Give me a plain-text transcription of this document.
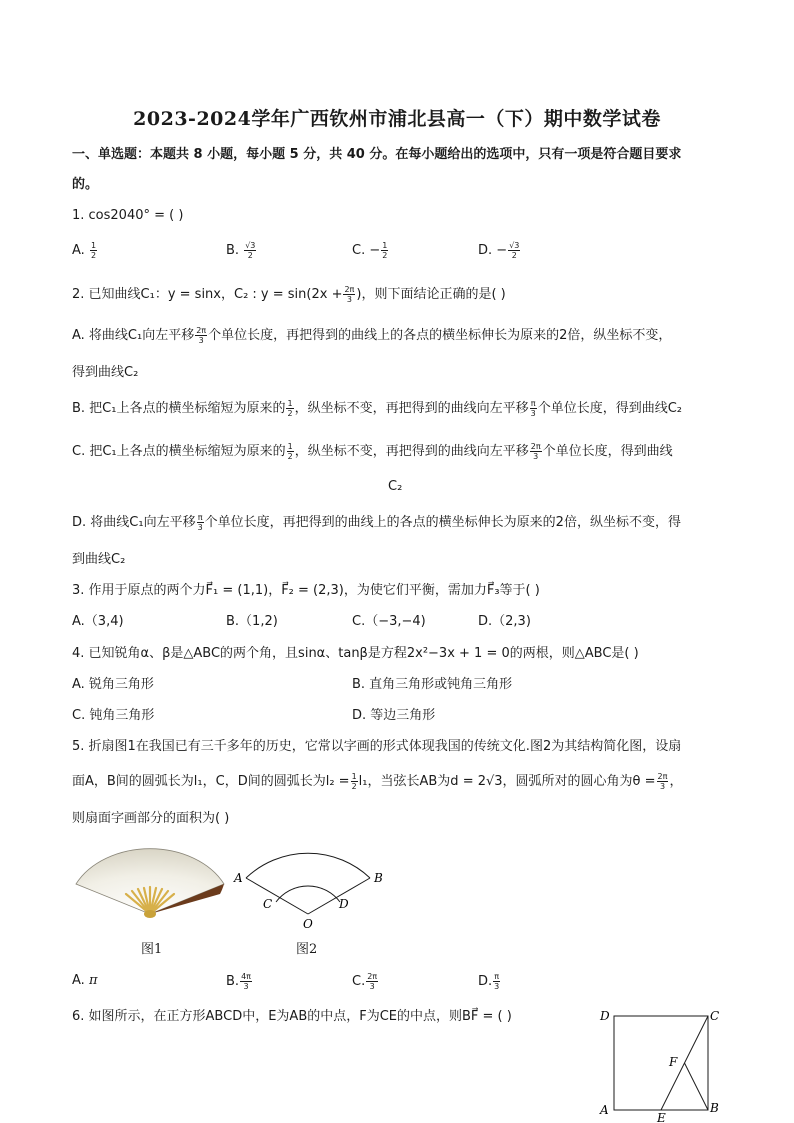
2023-2024学年广西钦州市浦北县高一（下）期中数学试卷
一、单选题：本题共 8 小题，每小题 5 分，共 40 分。在每小题给出的选项中，只有一项是符合题目要求
的。
1. cos2040° = ( )
A. $\frac{1}{2}$	B. $\frac{√3}{2}$	C. − $\frac{1}{2}$	D. − $\frac{√3}{2}$
2. 已知曲线C₁：y = sinx，C₂ : $y = \sin(2x + \frac{2\pi}{3}$ )，则下面结论正确的是( )
A. 将曲线C₁向左平移 $\frac{2\pi}{3}$ 个单位长度，再把得到的曲线上的各点的横坐标伸长为原来的2倍，纵坐标不变，
得到曲线C₂
B. 把C₁上各点的横坐标缩短为原来的 $\frac{1}{2}$ ，纵坐标不变，再把得到的曲线向左平移 $\frac{\pi}{3}$ 个单位长度，得到曲线C₂
C. 把C₁上各点的横坐标缩短为原来的 $\frac{1}{2}$ ，纵坐标不变，再把得到的曲线向左平移 $\frac{2\pi}{3}$ 个单位长度，得到曲线
C₂
D. 将曲线C₁向左平移 $\frac{\pi}{3}$ 个单位长度，再把得到的曲线上的各点的横坐标伸长为原来的2倍，纵坐标不变，得
到曲线C₂
3. 作用于原点的两个力F⃗₁ = (1,1)，F⃗₂ = (2,3)，为使它们平衡，需加力F⃗₃等于( )
A.（3,4)	B.（1,2)	C.（−3,−4)	D.（2,3)
4. 已知锐角α、β是△ABC的两个角，且sinα、tanβ是方程2x²−3x + 1 = 0的两根，则△ABC是( )
A. 锐角三角形	B. 直角三角形或钝角三角形
C. 钝角三角形	D. 等边三角形
5. 折扇图1在我国已有三千多年的历史，它常以字画的形式体现我国的传统文化.图2为其结构简化图，设扇
面A，B间的圆弧长为l₁，C，D间的圆弧长为$l_2 = \frac{1}{2} l_1$，当弦长AB为d = 2√3，圆弧所对的圆心角为$\theta = \frac{2\pi}{3}$ ，
则扇面字画部分的面积为( )
图1
A	B
C	D
O
图2
A. π	B. $\frac{4\pi}{3}$	C. $\frac{2\pi}{3}$	D. $\frac{\pi}{3}$
6. 如图所示，在正方形ABCD中，E为AB的中点，F为CE的中点，则BF⃗ = ( )	D	C
A	B
E
F
